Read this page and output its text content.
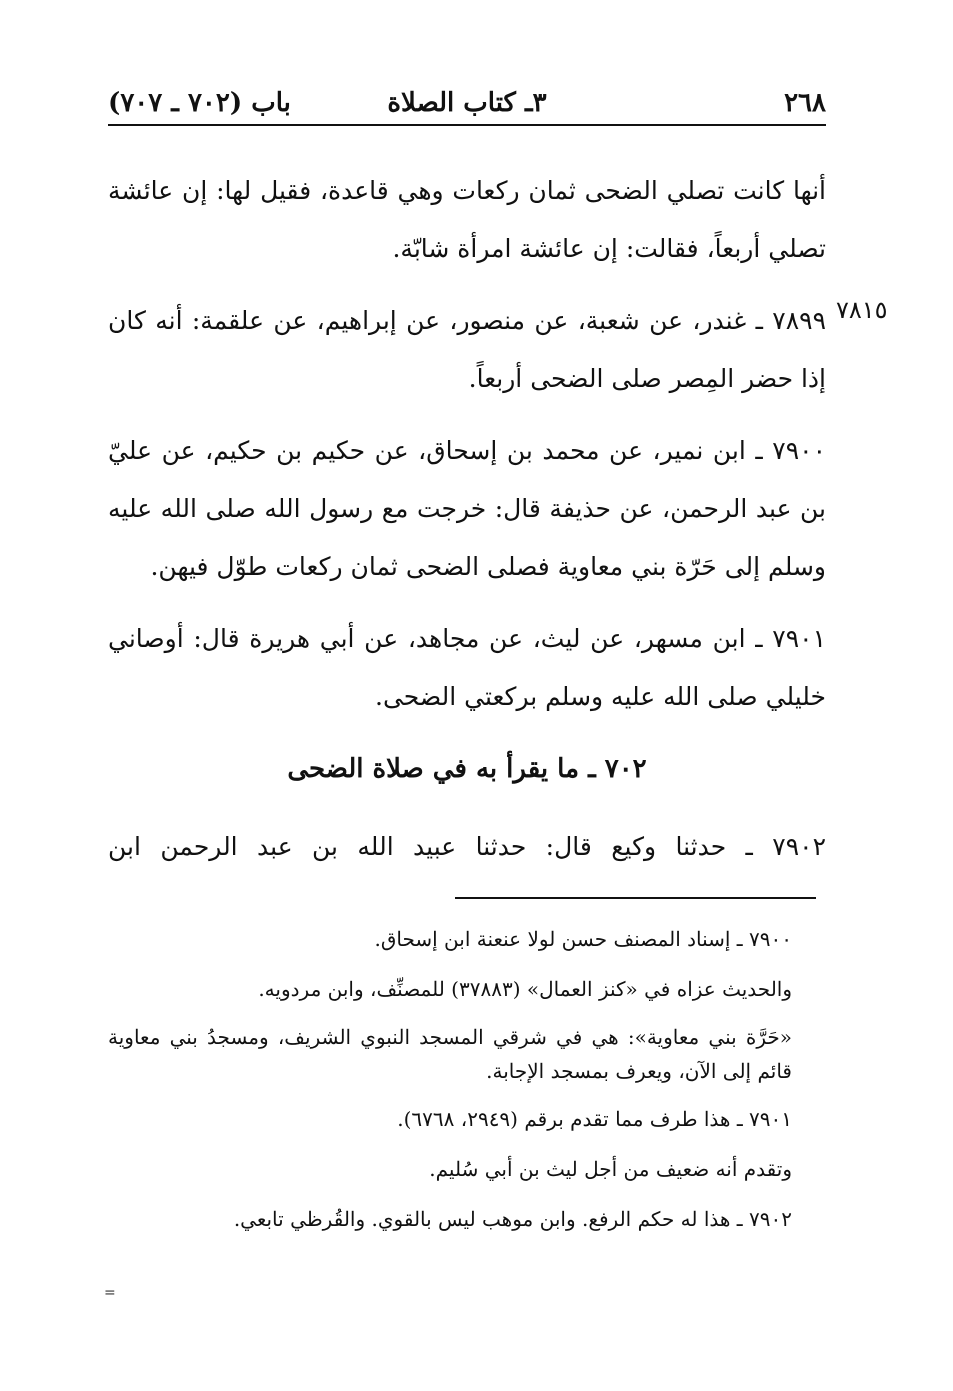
٢٦٨
٣ـ كتاب الصلاة
باب (٧٠٢ ـ ٧٠٧)
٧٨١٥

أنها كانت تصلي الضحى ثمان ركعات وهي قاعدة، فقيل لها: إن عائشة تصلي أربعاً، فقالت: إن عائشة امرأة شابّة.

٧٨٩٩ ـ غندر، عن شعبة، عن منصور، عن إبراهيم، عن علقمة: أنه كان إذا حضر المِصر صلى الضحى أربعاً.

٧٩٠٠ ـ ابن نمير، عن محمد بن إسحاق، عن حكيم بن حكيم، عن عليّ بن عبد الرحمن، عن حذيفة قال: خرجت مع رسول الله صلى الله عليه وسلم إلى حَرّة بني معاوية فصلى الضحى ثمان ركعات طوّل فيهن.

٧٩٠١ ـ ابن مسهر، عن ليث، عن مجاهد، عن أبي هريرة قال: أوصاني خليلي صلى الله عليه وسلم بركعتي الضحى.

٧٠٢ ـ ما يقرأ به في صلاة الضحى

٧٩٠٢ ـ حدثنا وكيع قال: حدثنا عبيد الله بن عبد الرحمن ابن

٧٩٠٠ ـ إسناد المصنف حسن لولا عنعنة ابن إسحاق.

والحديث عزاه في «كنز العمال» (٣٧٨٨٣) للمصنِّف، وابن مردويه.

«حَرَّة بني معاوية»: هي في شرقي المسجد النبوي الشريف، ومسجدُ بني معاوية قائم إلى الآن، ويعرف بمسجد الإجابة.

٧٩٠١ ـ هذا طرف مما تقدم برقم (٢٩٤٩، ٦٧٦٨).

وتقدم أنه ضعيف من أجل ليث بن أبي سُليم.

٧٩٠٢ ـ هذا له حكم الرفع. وابن موهب ليس بالقوي. والقُرظي تابعي.

=
